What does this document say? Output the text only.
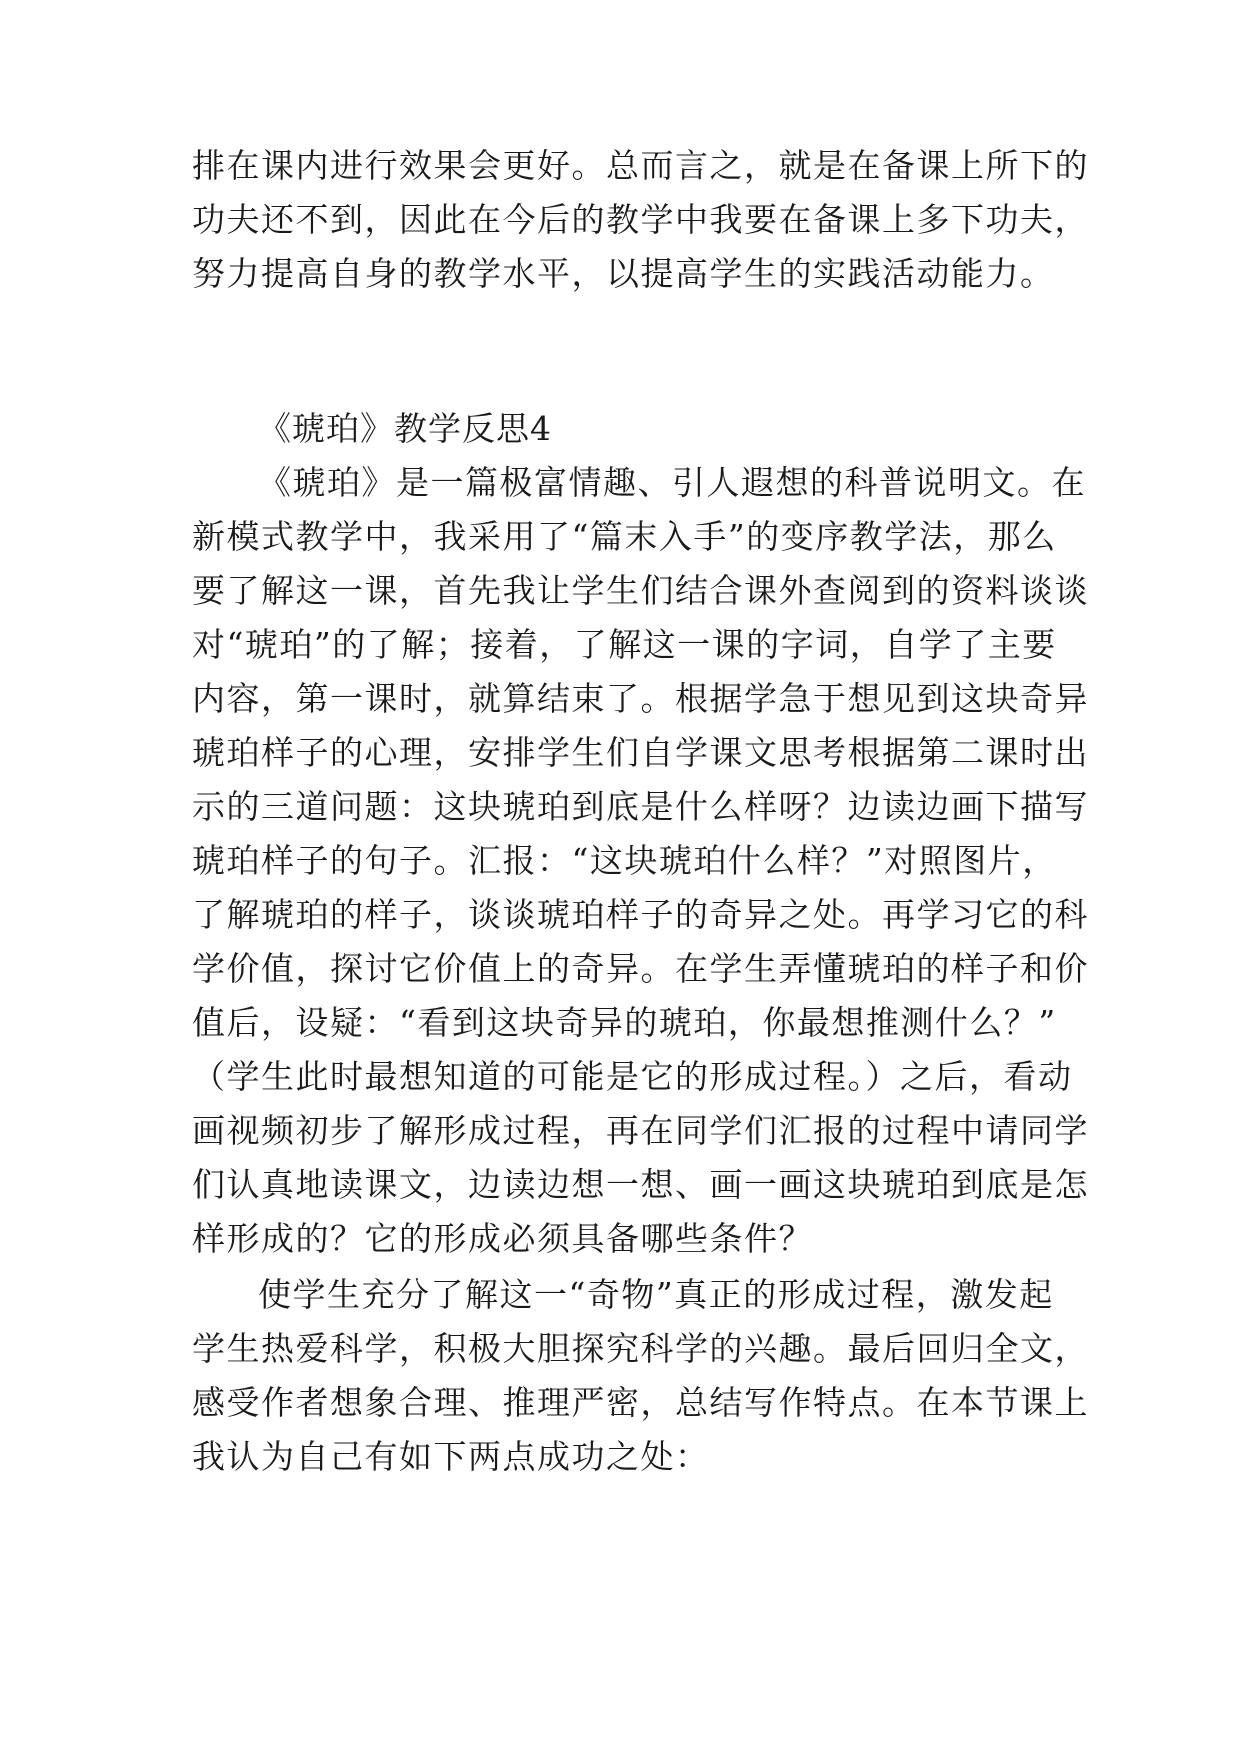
排在课内进行效果会更好。总而言之，就是在备课上所下的
功夫还不到，因此在今后的教学中我要在备课上多下功夫，
努力提高自身的教学水平，以提高学生的实践活动能力。
《琥珀》教学反思4
《琥珀》是一篇极富情趣、引人遐想的科普说明文。在
新模式教学中，我采用了“篇末入手”的变序教学法，那么
要了解这一课，首先我让学生们结合课外查阅到的资料谈谈
对“琥珀”的了解；接着，了解这一课的字词，自学了主要
内容，第一课时，就算结束了。根据学急于想见到这块奇异
琥珀样子的心理，安排学生们自学课文思考根据第二课时出
示的三道问题：这块琥珀到底是什么样呀？边读边画下描写
琥珀样子的句子。汇报：“这块琥珀什么样？”对照图片，
了解琥珀的样子，谈谈琥珀样子的奇异之处。再学习它的科
学价值，探讨它价值上的奇异。在学生弄懂琥珀的样子和价
值后，设疑：“看到这块奇异的琥珀，你最想推测什么？”
（学生此时最想知道的可能是它的形成过程。）之后，看动
画视频初步了解形成过程，再在同学们汇报的过程中请同学
们认真地读课文，边读边想一想、画一画这块琥珀到底是怎
样形成的？它的形成必须具备哪些条件？
使学生充分了解这一“奇物”真正的形成过程，激发起
学生热爱科学，积极大胆探究科学的兴趣。最后回归全文，
感受作者想象合理、推理严密，总结写作特点。在本节课上
我认为自己有如下两点成功之处：
